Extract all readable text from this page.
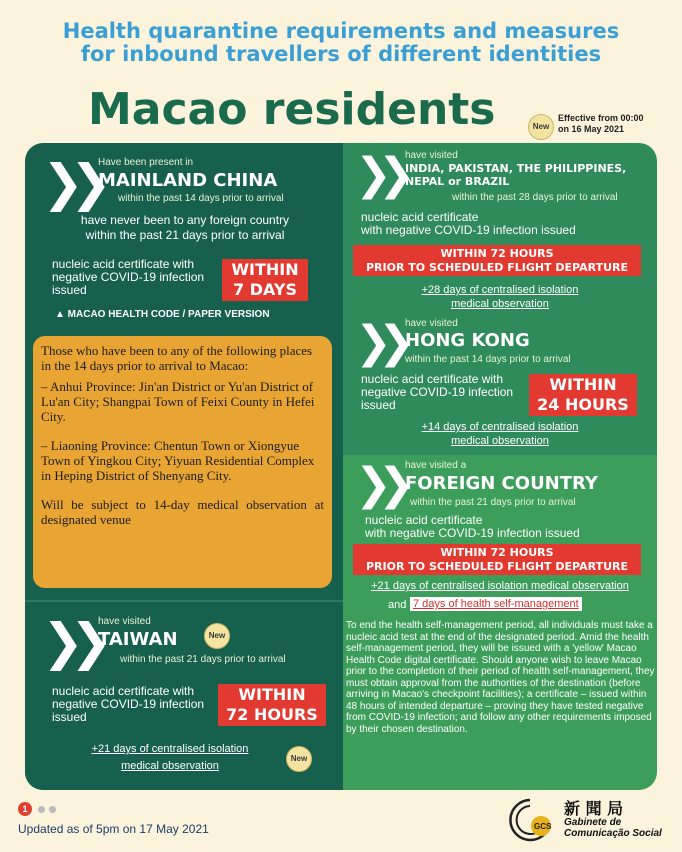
Health quarantine requirements and measures
for inbound travellers of different identities
Macao residents	New
Effective from 00:00
on 16 May 2021
❯❯ Have been present in
MAINLAND CHINA
within the past 14 days prior to arrival
have never been to any foreign country
within the past 21 days prior to arrival
nucleic acid certificate with negative COVID-19 infection issued
WITHIN
7 DAYS
▲ MACAO HEALTH CODE / PAPER VERSION

Those who have been to any of the following places in the 14 days prior to arrival to Macao:

– Anhui Province: Jin'an District or Yu'an District of Lu'an City; Shangpai Town of Feixi County in Hefei City.

– Liaoning Province: Chentun Town or Xiongyue Town of Yingkou City; Yiyuan Residential Complex in Heping District of Shenyang City.

Will be subject to 14-day medical observation at designated venue

❯❯ have visited
INDIA, PAKISTAN, THE PHILIPPINES,
NEPAL or BRAZIL
within the past 28 days prior to arrival
nucleic acid certificate
with negative COVID-19 infection issued
WITHIN 72 HOURS
PRIOR TO SCHEDULED FLIGHT DEPARTURE
+28 days of centralised isolation
medical observation
❯❯ have visited
HONG KONG
within the past 14 days prior to arrival
nucleic acid certificate with negative COVID-19 infection issued
WITHIN
24 HOURS
+14 days of centralised isolation
medical observation
❯❯ have visited a
FOREIGN COUNTRY
within the past 21 days prior to arrival
nucleic acid certificate
with negative COVID-19 infection issued
WITHIN 72 HOURS
PRIOR TO SCHEDULED FLIGHT DEPARTURE
+21 days of centralised isolation medical observation
and 7 days of health self-management
To end the health self-management period, all individuals must take a nucleic acid test at the end of the designated period. Amid the health self-management period, they will be issued with a 'yellow' Macao Health Code digital certificate. Should anyone wish to leave Macao prior to the completion of their period of health self-management, they must obtain approval from the authorities of the destination (before arriving in Macao's checkpoint facilities); a certificate – issued within 48 hours of intended departure – proving they have tested negative from COVID-19 infection; and follow any other requirements imposed by their chosen destination.
❯❯ have visited
TAIWAN	New
within the past 21 days prior to arrival
nucleic acid certificate with negative COVID-19 infection issued
WITHIN
72 HOURS
+21 days of centralised isolation
medical observation
New
1
Updated as of 5pm on 17 May 2021	GCS
新 聞 局
Gabinete de
Comunicação Social
